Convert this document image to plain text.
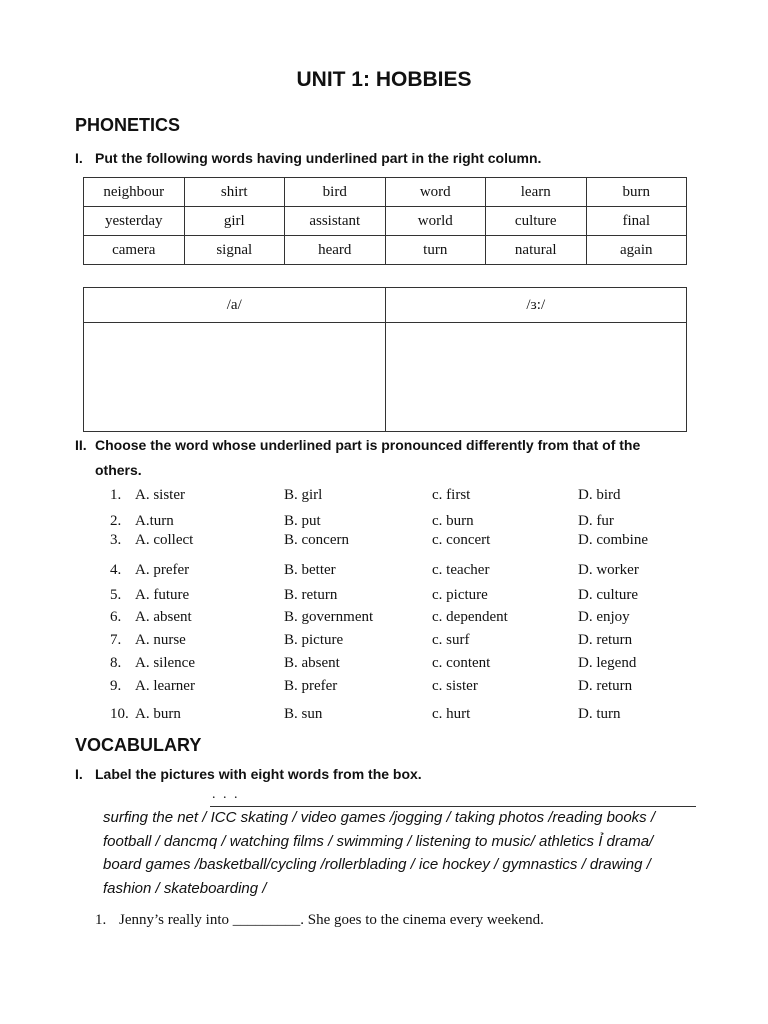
UNIT 1: HOBBIES
PHONETICS
I. Put the following words having underlined part in the right column.
neighbour	shirt	bird	word	learn	burn
yesterday	girl	assistant	world	culture	final
camera	signal	heard	turn	natural	again
/a/	/ɜ:/

II. Choose the word whose underlined part is pronounced differently from that of the
others.
1. A. sister	B. girl	c. first	D. bird
2. A.turn	B. put	c. burn	D. fur
3. A. collect	B. concern	c. concert	D. combine
4. A. prefer	B. better	c. teacher	D. worker
5. A. future	B. return	c. picture	D. culture
6. A. absent	B. government	c. dependent	D. enjoy
7. A. nurse	B. picture	c. surf	D. return
8. A. silence	B. absent	c. content	D. legend
9. A. learner	B. prefer	c. sister	D. return
10. A. burn	B. sun	c. hurt	D. turn
VOCABULARY
I. Label the pictures with eight words from the box.
. . .
surfing the net / ICC skating / video games /jogging / taking photos /reading books /
football / dancmq / watching films / swimming / listening to music/ athletics Ỉ drama/
board games /basketball/cycling /rollerblading / ice hockey / gymnastics / drawing /
fashion / skateboarding /
1. Jenny’s really into _________. She goes to the cinema every weekend.
